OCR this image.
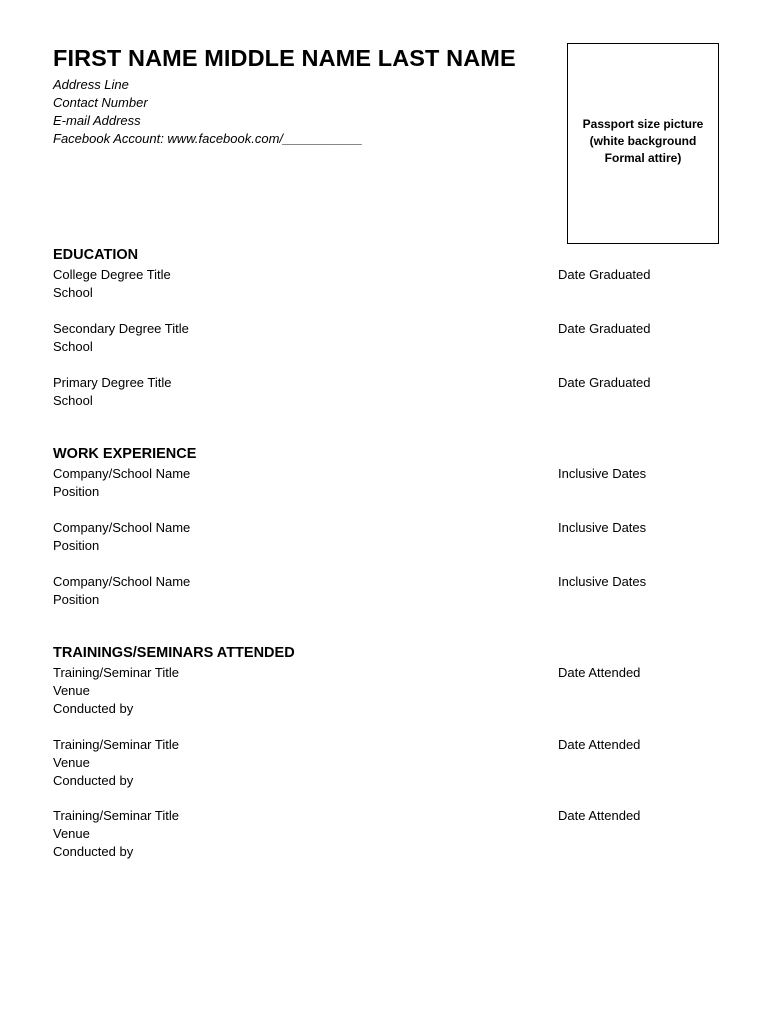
FIRST NAME MIDDLE NAME LAST NAME
Address Line
Contact Number
E-mail Address
Facebook Account: www.facebook.com/___________
Passport size picture
(white background
Formal attire)
EDUCATION
College Degree Title	Date Graduated
School
Secondary Degree Title	Date Graduated
School
Primary Degree Title	Date Graduated
School
WORK EXPERIENCE
Company/School Name	Inclusive Dates
Position
Company/School Name	Inclusive Dates
Position
Company/School Name	Inclusive Dates
Position
TRAININGS/SEMINARS ATTENDED
Training/Seminar Title	Date Attended
Venue
Conducted by
Training/Seminar Title	Date Attended
Venue
Conducted by
Training/Seminar Title	Date Attended
Venue
Conducted by
